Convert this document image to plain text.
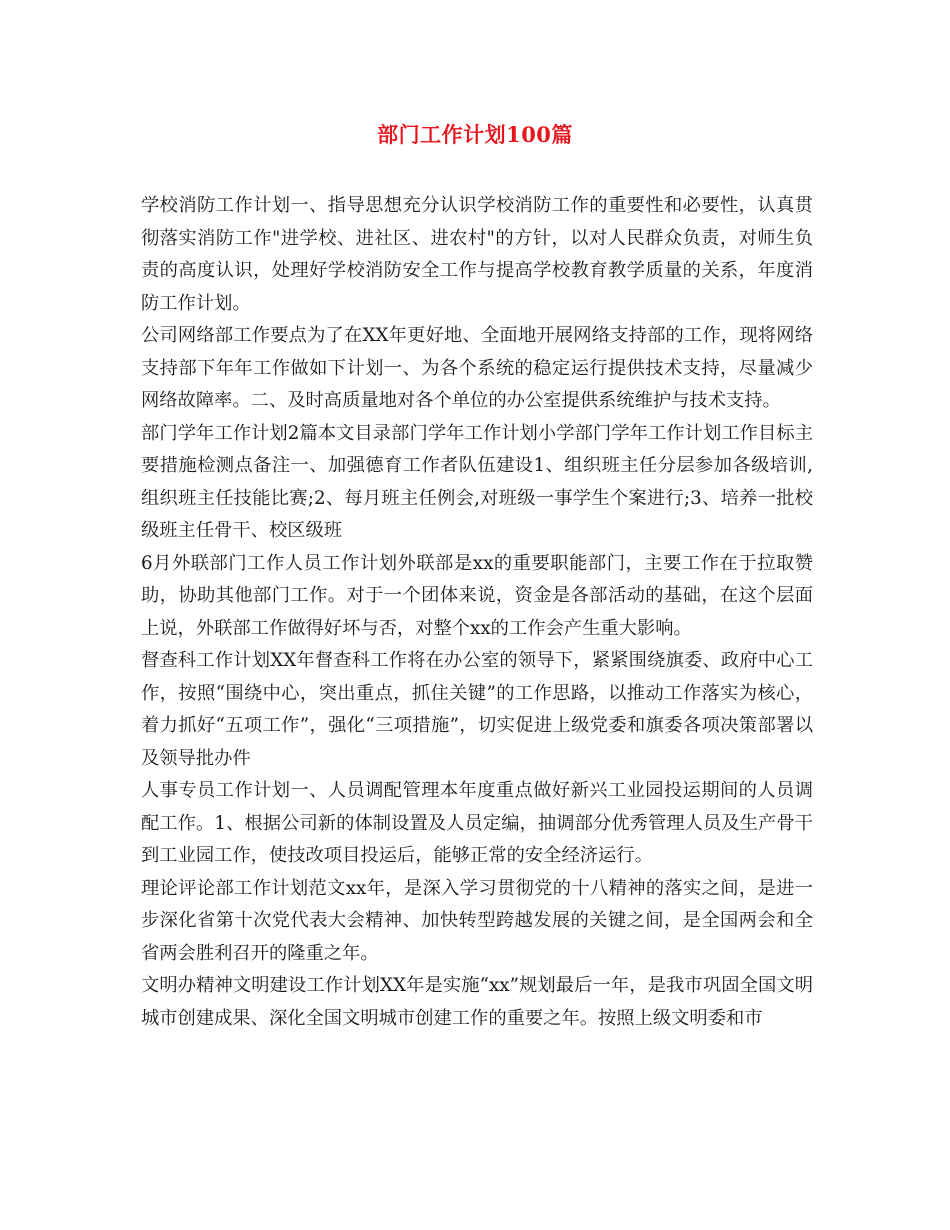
部门工作计划100篇

学校消防工作计划一、指导思想充分认识学校消防工作的重要性和必要性，认真贯彻落实消防工作"进学校、进社区、进农村"的方针，以对人民群众负责，对师生负责的高度认识，处理好学校消防安全工作与提高学校教育教学质量的关系，年度消防工作计划。

公司网络部工作要点为了在XX年更好地、全面地开展网络支持部的工作，现将网络支持部下年年工作做如下计划一、为各个系统的稳定运行提供技术支持，尽量减少网络故障率。二、及时高质量地对各个单位的办公室提供系统维护与技术支持。

部门学年工作计划2篇本文目录部门学年工作计划小学部门学年工作计划工作目标主要措施检测点备注一、加强德育工作者队伍建设1、组织班主任分层参加各级培训,组织班主任技能比赛;2、每月班主任例会,对班级一事学生个案进行;3、培养一批校级班主任骨干、校区级班

6月外联部门工作人员工作计划外联部是xx的重要职能部门，主要工作在于拉取赞助，协助其他部门工作。对于一个团体来说，资金是各部活动的基础，在这个层面上说，外联部工作做得好坏与否，对整个xx的工作会产生重大影响。

督查科工作计划XX年督查科工作将在办公室的领导下，紧紧围绕旗委、政府中心工作，按照“围绕中心，突出重点，抓住关键”的工作思路，以推动工作落实为核心，着力抓好“五项工作”，强化“三项措施”，切实促进上级党委和旗委各项决策部署以及领导批办件

人事专员工作计划一、人员调配管理本年度重点做好新兴工业园投运期间的人员调配工作。1、根据公司新的体制设置及人员定编，抽调部分优秀管理人员及生产骨干到工业园工作，使技改项目投运后，能够正常的安全经济运行。

理论评论部工作计划范文xx年，是深入学习贯彻党的十八精神的落实之间，是进一步深化省第十次党代表大会精神、加快转型跨越发展的关键之间，是全国两会和全省两会胜利召开的隆重之年。

文明办精神文明建设工作计划XX年是实施“xx”规划最后一年，是我市巩固全国文明城市创建成果、深化全国文明城市创建工作的重要之年。按照上级文明委和市
